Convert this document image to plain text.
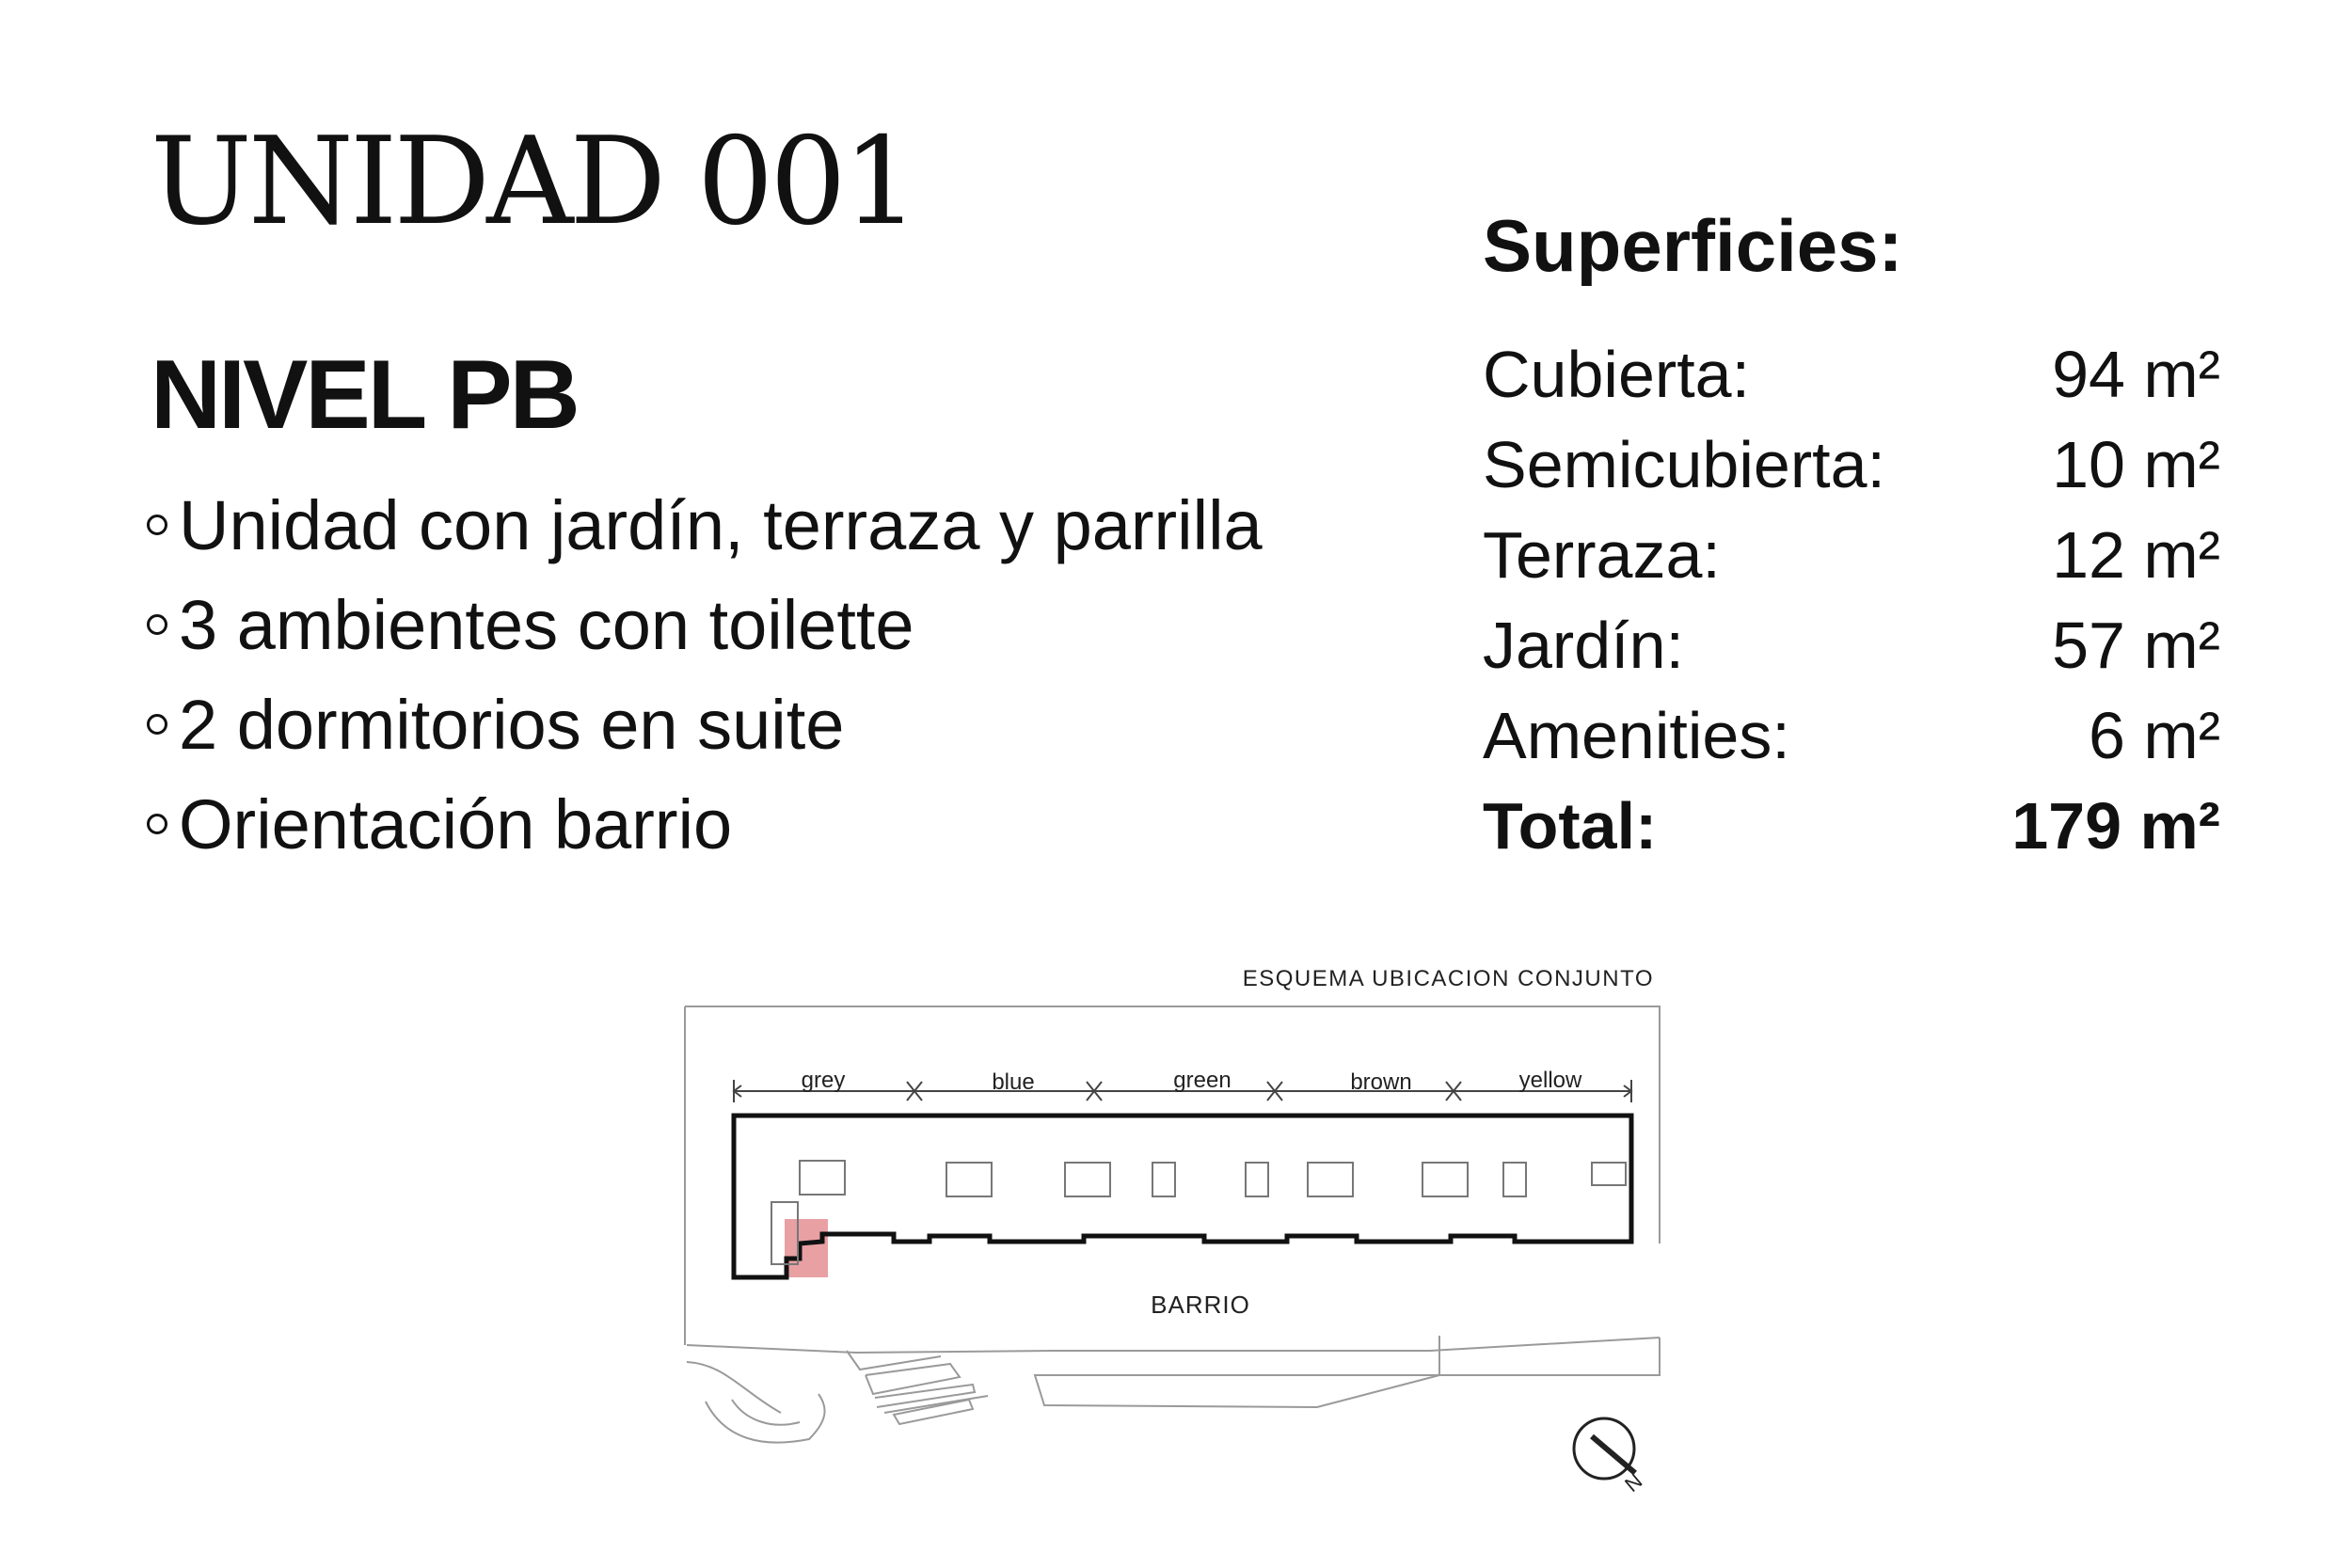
UNIDAD 001
NIVEL PB
Unidad con jardín, terraza y parrilla
3 ambientes con toilette
2 dormitorios en suite
Orientación barrio
Superficies:
Cubierta:	94 m²
Semicubierta:	10 m²
Terraza:	12 m²
Jardín:	57 m²
Amenities:	6 m²
Total:	179 m²
ESQUEMA UBICACION CONJUNTO
grey	blue	green	brown	yellow
BARRIO
N
